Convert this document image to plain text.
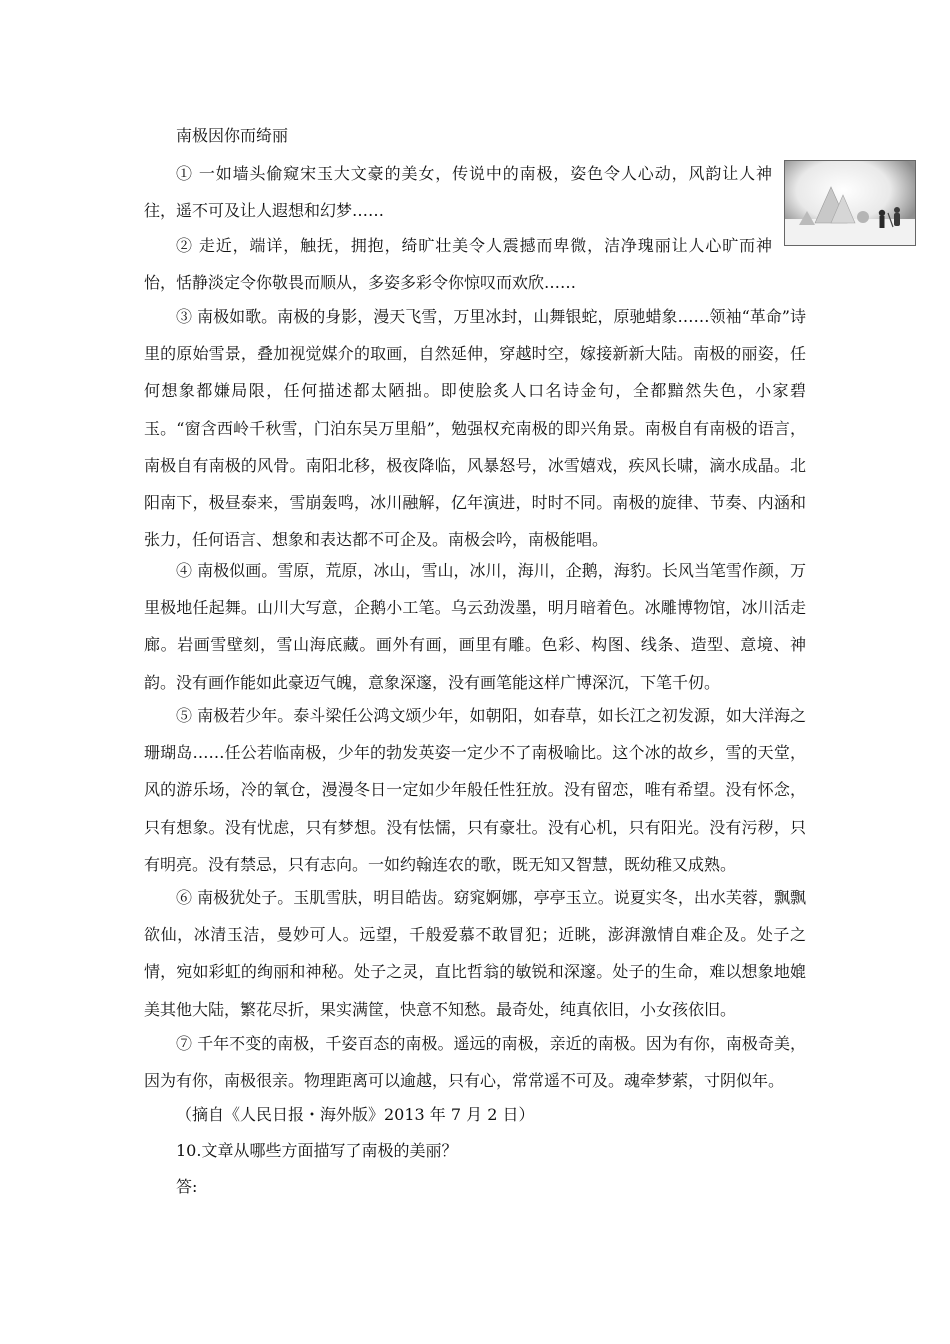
南极因你而绮丽

① 一如墙头偷窥宋玉大文豪的美女，传说中的南极，姿色令人心动，风韵让人神往，遥不可及让人遐想和幻梦……

② 走近，端详，触抚，拥抱，绮旷壮美令人震撼而卑微，洁净瑰丽让人心旷而神怡，恬静淡定令你敬畏而顺从，多姿多彩令你惊叹而欢欣……

③ 南极如歌。南极的身影，漫天飞雪，万里冰封，山舞银蛇，原驰蜡象……领袖“革命”诗里的原始雪景，叠加视觉媒介的取画，自然延伸，穿越时空，嫁接新新大陆。南极的丽姿，任何想象都嫌局限，任何描述都太陋拙。即使脍炙人口名诗金句，全都黯然失色，小家碧玉。“窗含西岭千秋雪，门泊东吴万里船”，勉强权充南极的即兴角景。南极自有南极的语言，南极自有南极的风骨。南阳北移，极夜降临，风暴怒号，冰雪嬉戏，疾风长啸，滴水成晶。北阳南下，极昼泰来，雪崩轰鸣，冰川融解，亿年演进，时时不同。南极的旋律、节奏、内涵和张力，任何语言、想象和表达都不可企及。南极会吟，南极能唱。

④ 南极似画。雪原，荒原，冰山，雪山，冰川，海川，企鹅，海豹。长风当笔雪作颜，万里极地任起舞。山川大写意，企鹅小工笔。乌云劲泼墨，明月暗着色。冰雕博物馆，冰川活走廊。岩画雪壁刻，雪山海底藏。画外有画，画里有雕。色彩、构图、线条、造型、意境、神韵。没有画作能如此豪迈气魄，意象深邃，没有画笔能这样广博深沉，下笔千仞。

⑤ 南极若少年。泰斗梁任公鸿文颂少年，如朝阳，如春草，如长江之初发源，如大洋海之珊瑚岛……任公若临南极，少年的勃发英姿一定少不了南极喻比。这个冰的故乡，雪的天堂，风的游乐场，冷的氧仓，漫漫冬日一定如少年般任性狂放。没有留恋，唯有希望。没有怀念，只有想象。没有忧虑，只有梦想。没有怯懦，只有豪壮。没有心机，只有阳光。没有污秽，只有明亮。没有禁忌，只有志向。一如约翰连农的歌，既无知又智慧，既幼稚又成熟。

⑥ 南极犹处子。玉肌雪肤，明目皓齿。窈窕婀娜，亭亭玉立。说夏实冬，出水芙蓉，飘飘欲仙，冰清玉洁，曼妙可人。远望，千般爱慕不敢冒犯；近眺，澎湃激情自难企及。处子之情，宛如彩虹的绚丽和神秘。处子之灵，直比哲翁的敏锐和深邃。处子的生命，难以想象地媲美其他大陆，繁花尽折，果实满筐，快意不知愁。最奇处，纯真依旧，小女孩依旧。

⑦ 千年不变的南极，千姿百态的南极。遥远的南极，亲近的南极。因为有你，南极奇美，因为有你，南极很亲。物理距离可以逾越，只有心，常常遥不可及。魂牵梦萦，寸阴似年。

（摘自《人民日报・海外版》2013 年 7 月 2 日）
10.文章从哪些方面描写了南极的美丽？
答:
